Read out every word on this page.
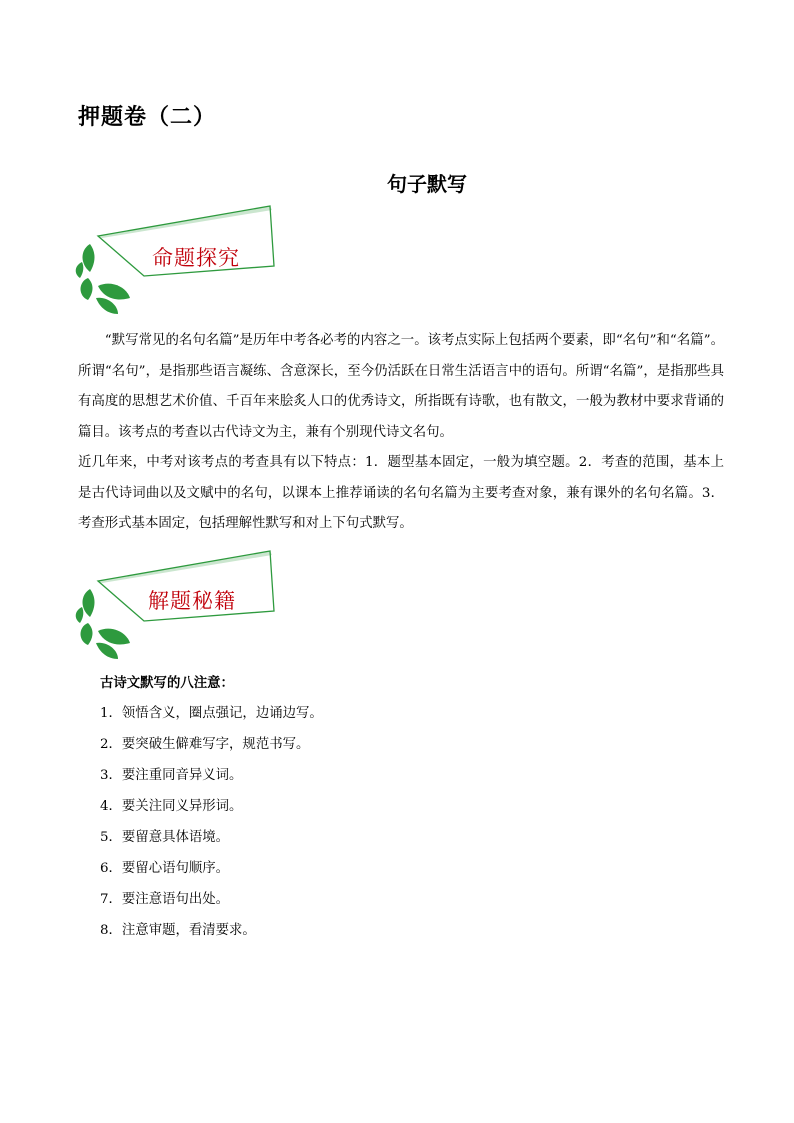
押题卷（二）
句子默写
命题探究

“默写常见的名句名篇”是历年中考各必考的内容之一。该考点实际上包括两个要素，即“名句”和“名篇”。所谓“名句”，是指那些语言凝练、含意深长，至今仍活跃在日常生活语言中的语句。所谓“名篇”，是指那些具有高度的思想艺术价值、千百年来脍炙人口的优秀诗文，所指既有诗歌，也有散文，一般为教材中要求背诵的篇目。该考点的考查以古代诗文为主，兼有个别现代诗文名句。

近几年来，中考对该考点的考查具有以下特点：1．题型基本固定，一般为填空题。2．考查的范围，基本上是古代诗词曲以及文赋中的名句，以课本上推荐诵读的名句名篇为主要考查对象，兼有课外的名句名篇。3．考查形式基本固定，包括理解性默写和对上下句式默写。

解题秘籍
古诗文默写的八注意：
1．领悟含义，圈点强记，边诵边写。
2．要突破生僻难写字，规范书写。
3．要注重同音异义词。
4．要关注同义异形词。
5．要留意具体语境。
6．要留心语句顺序。
7．要注意语句出处。
8．注意审题，看清要求。
